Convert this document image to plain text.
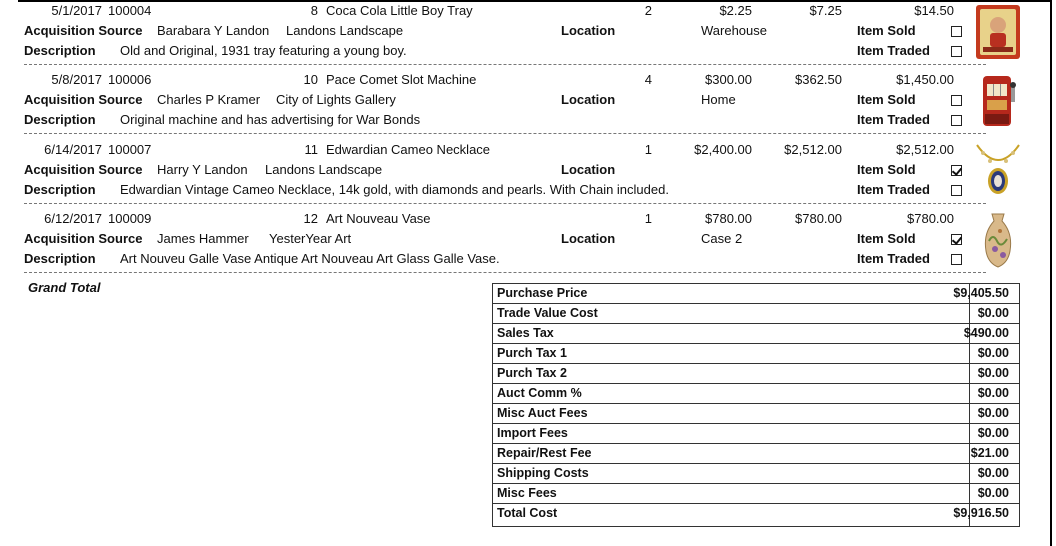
5/1/2017 100004	8 Coca Cola Little Boy Tray	2	$2.25	$7.25	$14.50
Acquisition Source Barabara Y Landon Landons Landscape	Location	Warehouse	Item Sold
Description Old and Original, 1931 tray featuring a young boy.	Item Traded
5/8/2017 100006	10 Pace Comet Slot Machine	4	$300.00	$362.50	$1,450.00
Acquisition Source Charles P Kramer City of Lights Gallery	Location	Home	Item Sold
Description Original machine and has advertising for War Bonds	Item Traded
6/14/2017 100007	11 Edwardian Cameo Necklace	1	$2,400.00	$2,512.00	$2,512.00
Acquisition Source Harry Y Landon Landons Landscape	Location	Item Sold
Description Edwardian Vintage Cameo Necklace, 14k gold, with diamonds and pearls. With Chain included.	Item Traded
6/12/2017 100009	12 Art Nouveau Vase	1	$780.00	$780.00	$780.00
Acquisition Source James Hammer YesterYear Art	Location	Case 2	Item Sold
Description Art Nouveu Galle Vase Antique Art Nouveau Art Glass Galle Vase.	Item Traded
Grand Total	Purchase Price	$9,405.50
Trade Value Cost	$0.00
Sales Tax	$490.00
Purch Tax 1	$0.00
Purch Tax 2	$0.00
Auct Comm %	$0.00
Misc Auct Fees	$0.00
Import Fees	$0.00
Repair/Rest Fee	$21.00
Shipping Costs	$0.00
Misc Fees	$0.00
Total Cost	$9,916.50
